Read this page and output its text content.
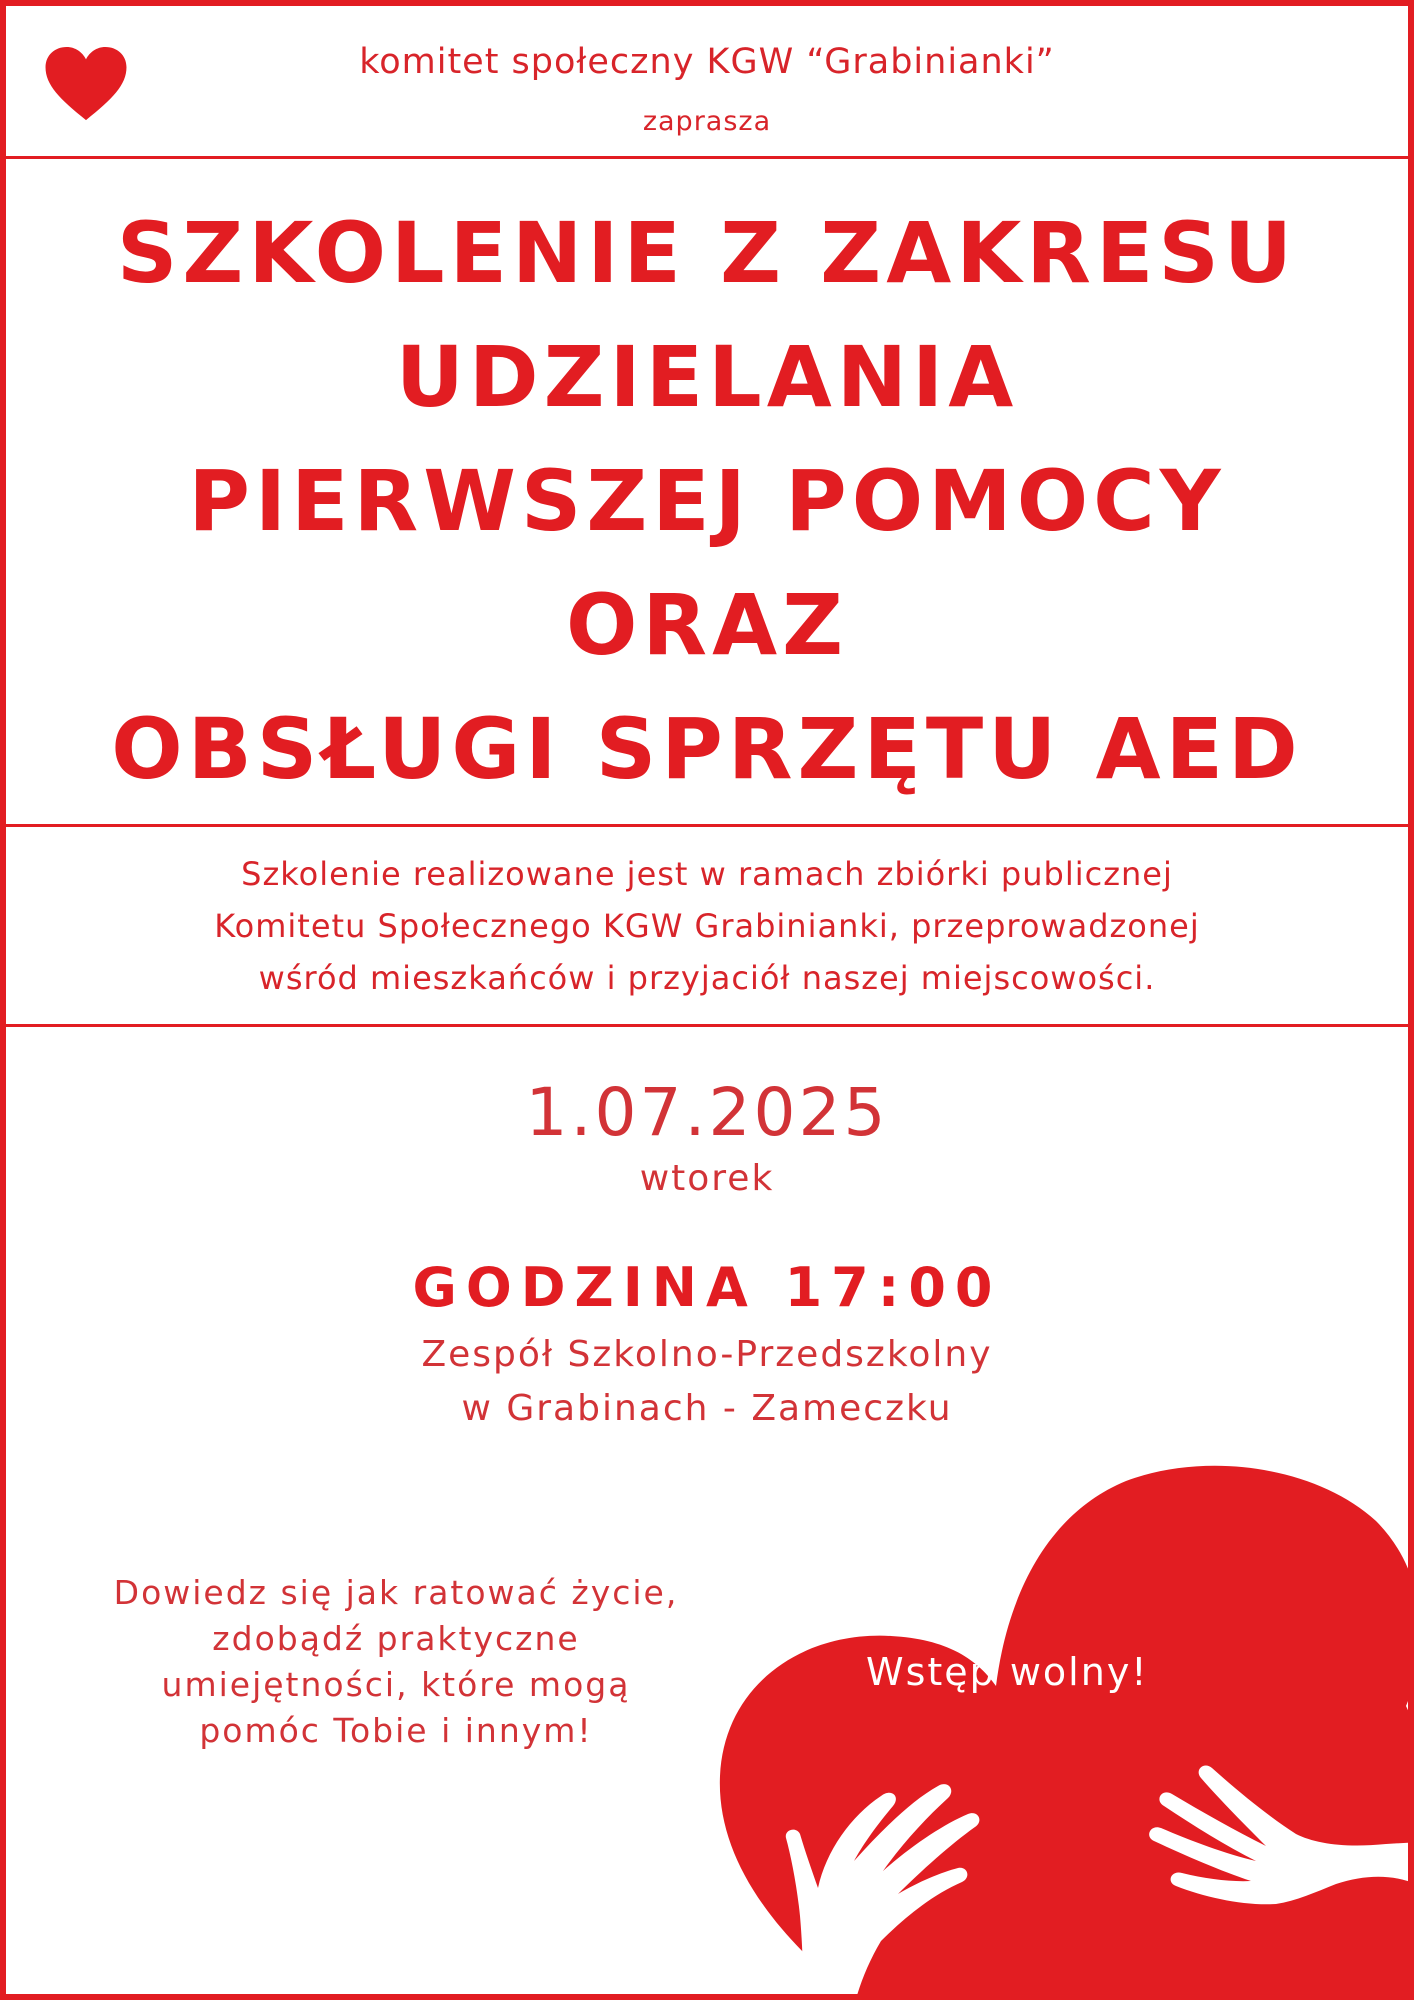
komitet społeczny KGW “Grabinianki”
zaprasza
SZKOLENIE Z ZAKRESU
UDZIELANIA
PIERWSZEJ POMOCY
ORAZ
OBSŁUGI SPRZĘTU AED
Szkolenie realizowane jest w ramach zbiórki publicznej
Komitetu Społecznego KGW Grabinianki, przeprowadzonej
wśród mieszkańców i przyjaciół naszej miejscowości.
1.07.2025
wtorek
GODZINA 17:00
Zespół Szkolno-Przedszkolny
w Grabinach - Zameczku
Dowiedz się jak ratować życie,
zdobądź praktyczne
umiejętności, które mogą
pomóc Tobie i innym!
Wstęp wolny!
